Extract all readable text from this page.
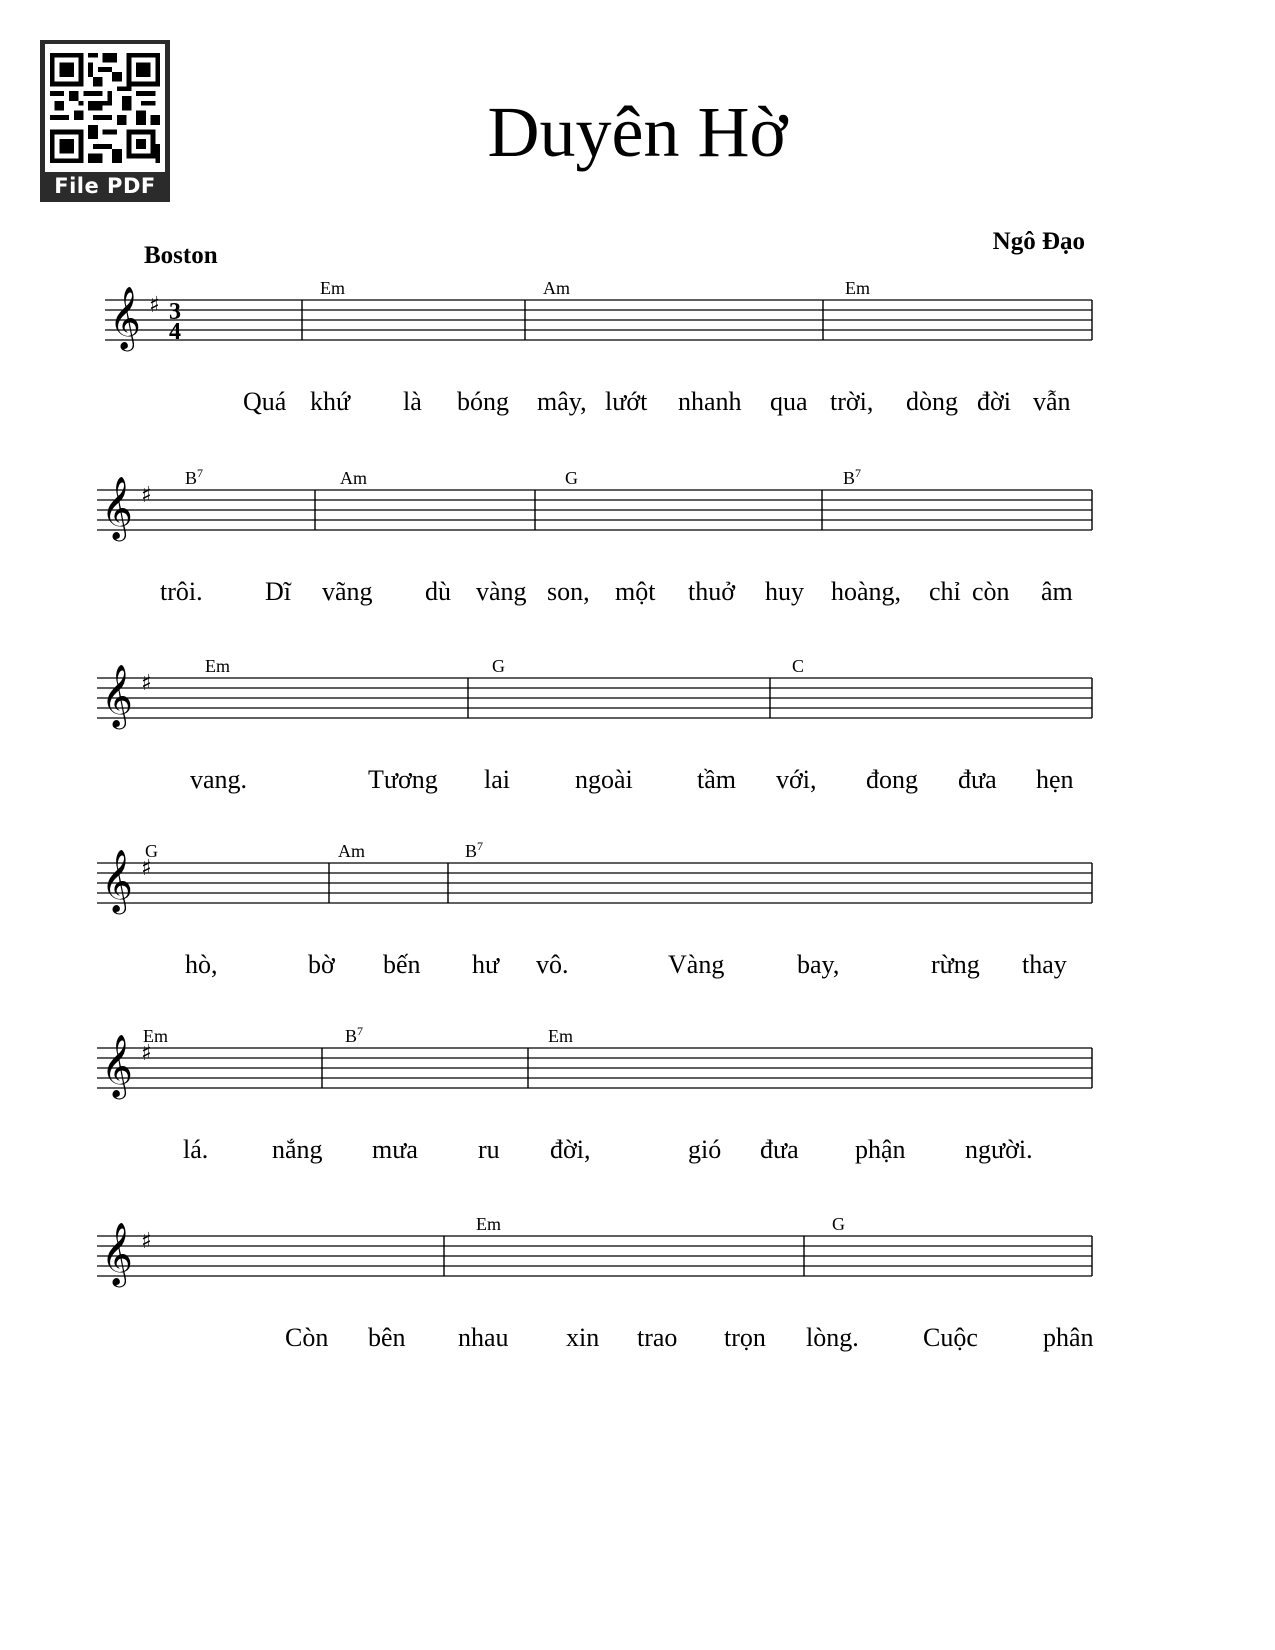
File PDF
Duyên Hờ
Boston
Ngô Đạo
𝄞 ♯ 3
4
Em	Am	Em
Quá khứ là bóng mây, lướt nhanh qua trời, dòng đời vẫn
𝄞 ♯
$B^7$	Am	G	$B^7$
trôi. Dĩ vãng dù vàng son, một thuở huy hoàng, chỉ còn âm
𝄞 ♯
Em	G	C
vang.	Tương lai	ngoài tầm với, đong đưa hẹn
𝄞 ♯
G	Am	$B^7$
hò,	bờ bến hư vô.	Vàng	bay,	rừng thay
𝄞 ♯
Em	$B^7$	Em
lá. nắng mưa ru đời,	gió đưa phận người.
𝄞 ♯
Em	G
Còn bên nhau xin trao trọn lòng. Cuộc	phân
